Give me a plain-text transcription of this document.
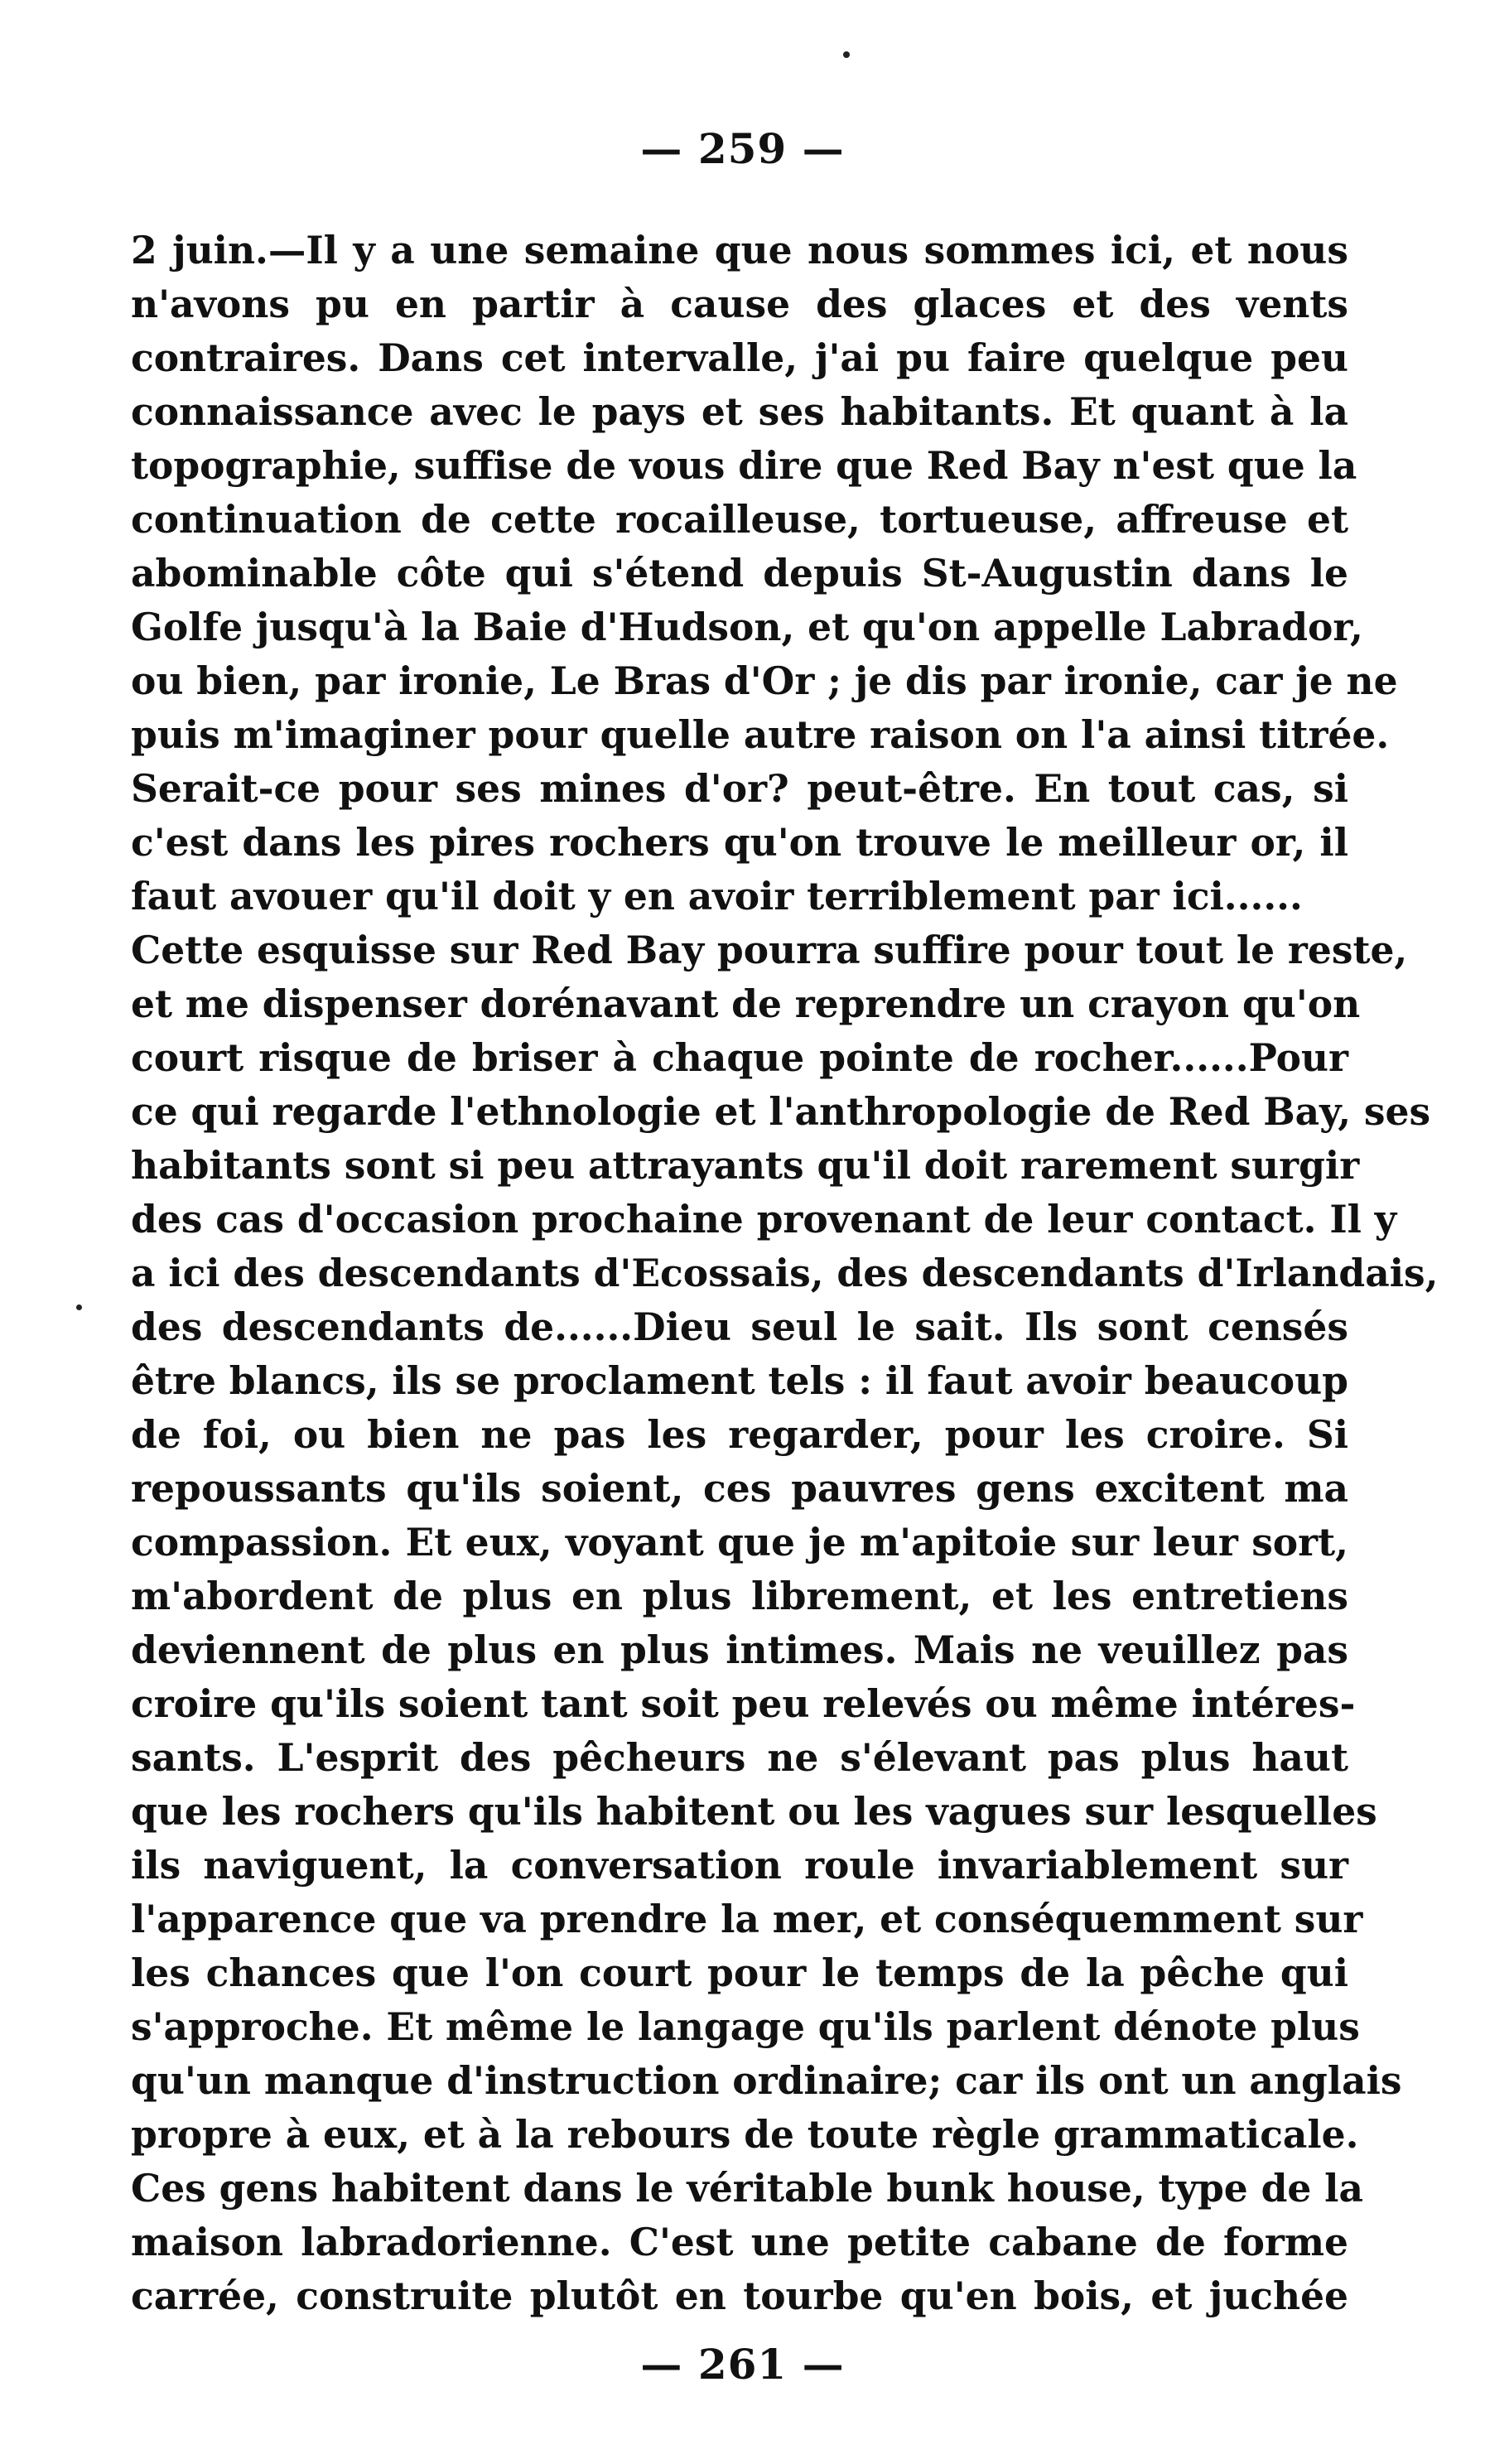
— 259 —
2 juin.—Il y a une semaine que nous sommes ici, et nous
n'avons pu en partir à cause des glaces et des vents
contraires. Dans cet intervalle, j'ai pu faire quelque peu
connaissance avec le pays et ses habitants. Et quant à la
topographie, suffise de vous dire que Red Bay n'est que la
continuation de cette rocailleuse, tortueuse, affreuse et
abominable côte qui s'étend depuis St-Augustin dans le
Golfe jusqu'à la Baie d'Hudson, et qu'on appelle Labrador,
ou bien, par ironie, Le Bras d'Or ; je dis par ironie, car je ne
puis m'imaginer pour quelle autre raison on l'a ainsi titrée.
Serait-ce pour ses mines d'or? peut-être. En tout cas, si
c'est dans les pires rochers qu'on trouve le meilleur or, il
faut avouer qu'il doit y en avoir terriblement par ici......
Cette esquisse sur Red Bay pourra suffire pour tout le reste,
et me dispenser dorénavant de reprendre un crayon qu'on
court risque de briser à chaque pointe de rocher......Pour
ce qui regarde l'ethnologie et l'anthropologie de Red Bay, ses
habitants sont si peu attrayants qu'il doit rarement surgir
des cas d'occasion prochaine provenant de leur contact. Il y
a ici des descendants d'Ecossais, des descendants d'Irlandais,
des descendants de......Dieu seul le sait. Ils sont censés
être blancs, ils se proclament tels : il faut avoir beaucoup
de foi, ou bien ne pas les regarder, pour les croire. Si
repoussants qu'ils soient, ces pauvres gens excitent ma
compassion. Et eux, voyant que je m'apitoie sur leur sort,
m'abordent de plus en plus librement, et les entretiens
deviennent de plus en plus intimes. Mais ne veuillez pas
croire qu'ils soient tant soit peu relevés ou même intéres-
sants. L'esprit des pêcheurs ne s'élevant pas plus haut
que les rochers qu'ils habitent ou les vagues sur lesquelles
ils naviguent, la conversation roule invariablement sur
l'apparence que va prendre la mer, et conséquemment sur
les chances que l'on court pour le temps de la pêche qui
s'approche. Et même le langage qu'ils parlent dénote plus
qu'un manque d'instruction ordinaire; car ils ont un anglais
propre à eux, et à la rebours de toute règle grammaticale.
Ces gens habitent dans le véritable bunk house, type de la
maison labradorienne. C'est une petite cabane de forme
carrée, construite plutôt en tourbe qu'en bois, et juchée
— 261 —
